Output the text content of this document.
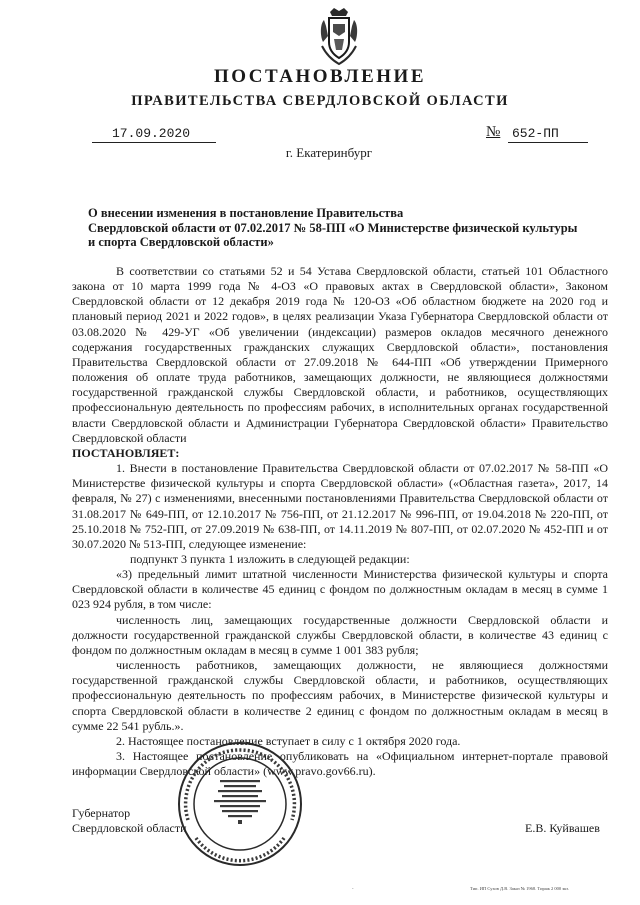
ПОСТАНОВЛЕНИЕ
ПРАВИТЕЛЬСТВА СВЕРДЛОВСКОЙ ОБЛАСТИ
17.09.2020	№ 652-ПП
г. Екатеринбург
О внесении изменения в постановление Правительства
Свердловской области от 07.02.2017 № 58-ПП «О Министерстве физической культуры
и спорта Свердловской области»

В соответствии со статьями 52 и 54 Устава Свердловской области, статьей 101 Областного закона от 10 марта 1999 года № 4-ОЗ «О правовых актах в Свердловской области», Законом Свердловской области от 12 декабря 2019 года № 120-ОЗ «Об областном бюджете на 2020 год и плановый период 2021 и 2022 годов», в целях реализации Указа Губернатора Свердловской области от 03.08.2020 № 429-УГ «Об увеличении (индексации) размеров окладов месячного денежного содержания государственных гражданских служащих Свердловской области», постановления Правительства Свердловской области от 27.09.2018 № 644-ПП «Об утверждении Примерного положения об оплате труда работников, замещающих должности, не являющиеся должностями государственной гражданской службы Свердловской области, и работников, осуществляющих профессиональную деятельность по профессиям рабочих, в исполнительных органах государственной власти Свердловской области и Администрации Губернатора Свердловской области» Правительство Свердловской области

ПОСТАНОВЛЯЕТ:

1. Внести в постановление Правительства Свердловской области от 07.02.2017 № 58-ПП «О Министерстве физической культуры и спорта Свердловской области» («Областная газета», 2017, 14 февраля, № 27) с изменениями, внесенными постановлениями Правительства Свердловской области от 31.08.2017 № 649-ПП, от 12.10.2017 № 756-ПП, от 21.12.2017 № 996-ПП, от 19.04.2018 № 220-ПП, от 25.10.2018 № 752-ПП, от 27.09.2019 № 638-ПП, от 14.11.2019 № 807-ПП, от 02.07.2020 № 452-ПП и от 30.07.2020 № 513-ПП, следующее изменение:

подпункт 3 пункта 1 изложить в следующей редакции:

«3) предельный лимит штатной численности Министерства физической культуры и спорта Свердловской области в количестве 45 единиц с фондом по должностным окладам в месяц в сумме 1 023 924 рубля, в том числе:

численность лиц, замещающих государственные должности Свердловской области и должности государственной гражданской службы Свердловской области, в количестве 43 единиц с фондом по должностным окладам в месяц в сумме 1 001 383 рубля;

численность работников, замещающих должности, не являющиеся должностями государственной гражданской службы Свердловской области, и работников, осуществляющих профессиональную деятельность по профессиям рабочих, в Министерстве физической культуры и спорта Свердловской области в количестве 2 единиц с фондом по должностным окладам в месяц в сумме 22 541 рубль.».

2. Настоящее постановление вступает в силу с 1 октября 2020 года.

3. Настоящее постановление опубликовать на «Официальном интернет-портале правовой информации Свердловской области» (www.pravo.gov66.ru).

Губернатор
Свердловской области	Е.В. Куйвашев
-	Тип. ИП Сухов Д.В. Заказ № 1968. Тираж 2 000 экз.
